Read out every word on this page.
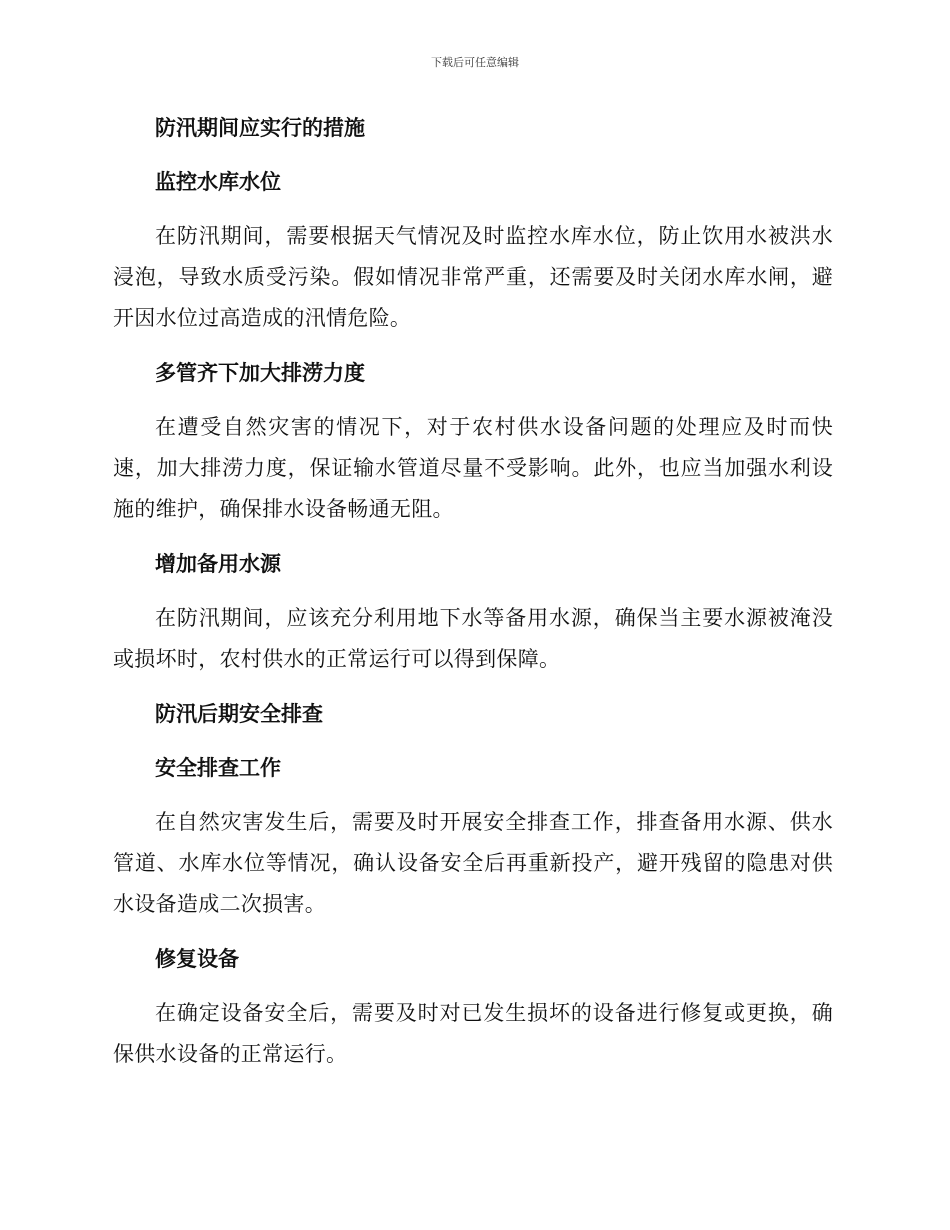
下载后可任意编辑
防汛期间应实行的措施
监控水库水位

在防汛期间，需要根据天气情况及时监控水库水位，防止饮用水被洪水浸泡，导致水质受污染。假如情况非常严重，还需要及时关闭水库水闸，避开因水位过高造成的汛情危险。

多管齐下加大排涝力度

在遭受自然灾害的情况下，对于农村供水设备问题的处理应及时而快速，加大排涝力度，保证输水管道尽量不受影响。此外，也应当加强水利设施的维护，确保排水设备畅通无阻。

增加备用水源

在防汛期间，应该充分利用地下水等备用水源，确保当主要水源被淹没或损坏时，农村供水的正常运行可以得到保障。

防汛后期安全排查
安全排查工作

在自然灾害发生后，需要及时开展安全排查工作，排查备用水源、供水管道、水库水位等情况，确认设备安全后再重新投产，避开残留的隐患对供水设备造成二次损害。

修复设备

在确定设备安全后，需要及时对已发生损坏的设备进行修复或更换，确保供水设备的正常运行。
